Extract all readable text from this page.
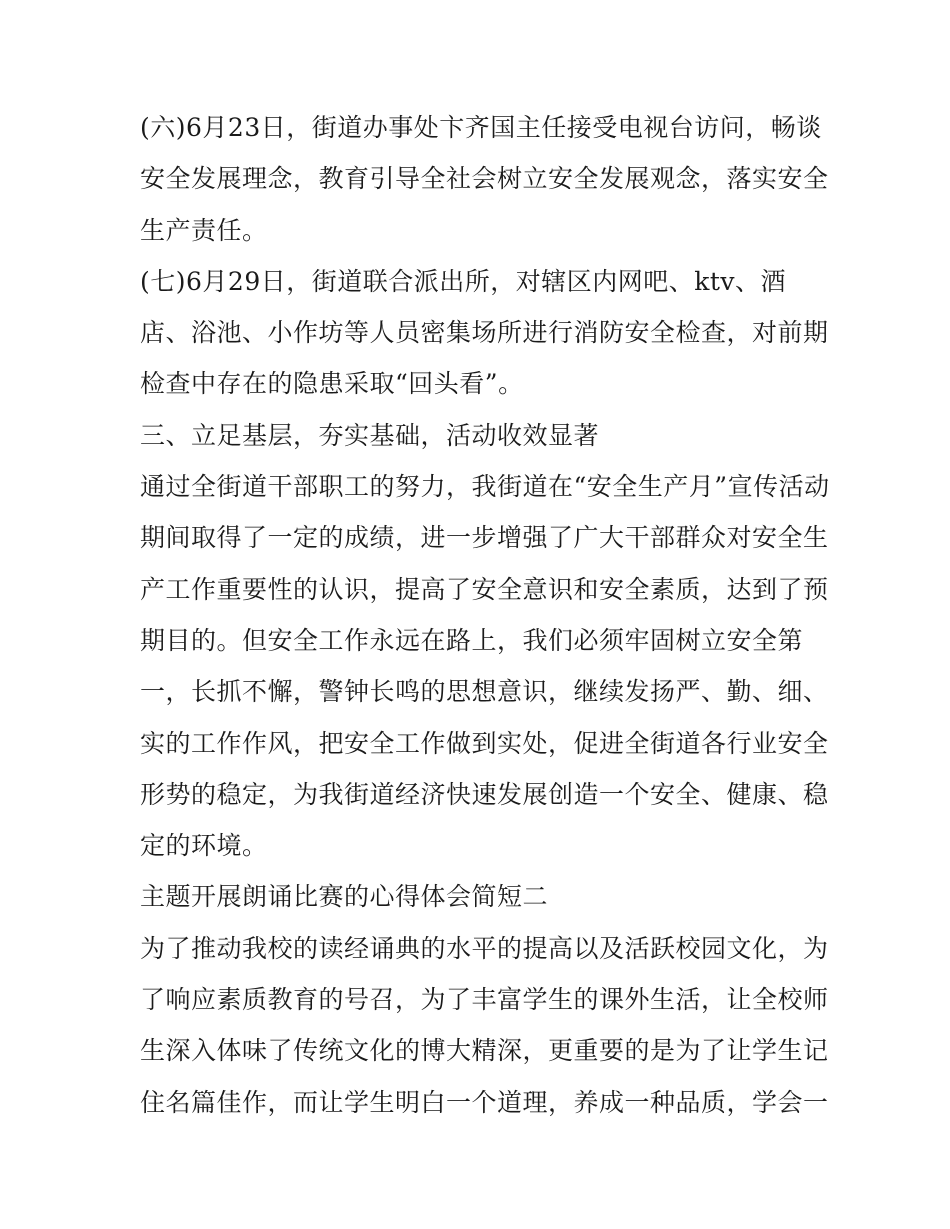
(六)6月23日，街道办事处卞齐国主任接受电视台访问，畅谈
安全发展理念，教育引导全社会树立安全发展观念，落实安全
生产责任。
(七)6月29日，街道联合派出所，对辖区内网吧、ktv、酒
店、浴池、小作坊等人员密集场所进行消防安全检查，对前期
检查中存在的隐患采取“回头看”。
三、立足基层，夯实基础，活动收效显著
通过全街道干部职工的努力，我街道在“安全生产月”宣传活动
期间取得了一定的成绩，进一步增强了广大干部群众对安全生
产工作重要性的认识，提高了安全意识和安全素质，达到了预
期目的。但安全工作永远在路上，我们必须牢固树立安全第
一，长抓不懈，警钟长鸣的思想意识，继续发扬严、勤、细、
实的工作作风，把安全工作做到实处，促进全街道各行业安全
形势的稳定，为我街道经济快速发展创造一个安全、健康、稳
定的环境。
主题开展朗诵比赛的心得体会简短二
为了推动我校的读经诵典的水平的提高以及活跃校园文化，为
了响应素质教育的号召，为了丰富学生的课外生活，让全校师
生深入体味了传统文化的博大精深，更重要的是为了让学生记
住名篇佳作，而让学生明白一个道理，养成一种品质，学会一
